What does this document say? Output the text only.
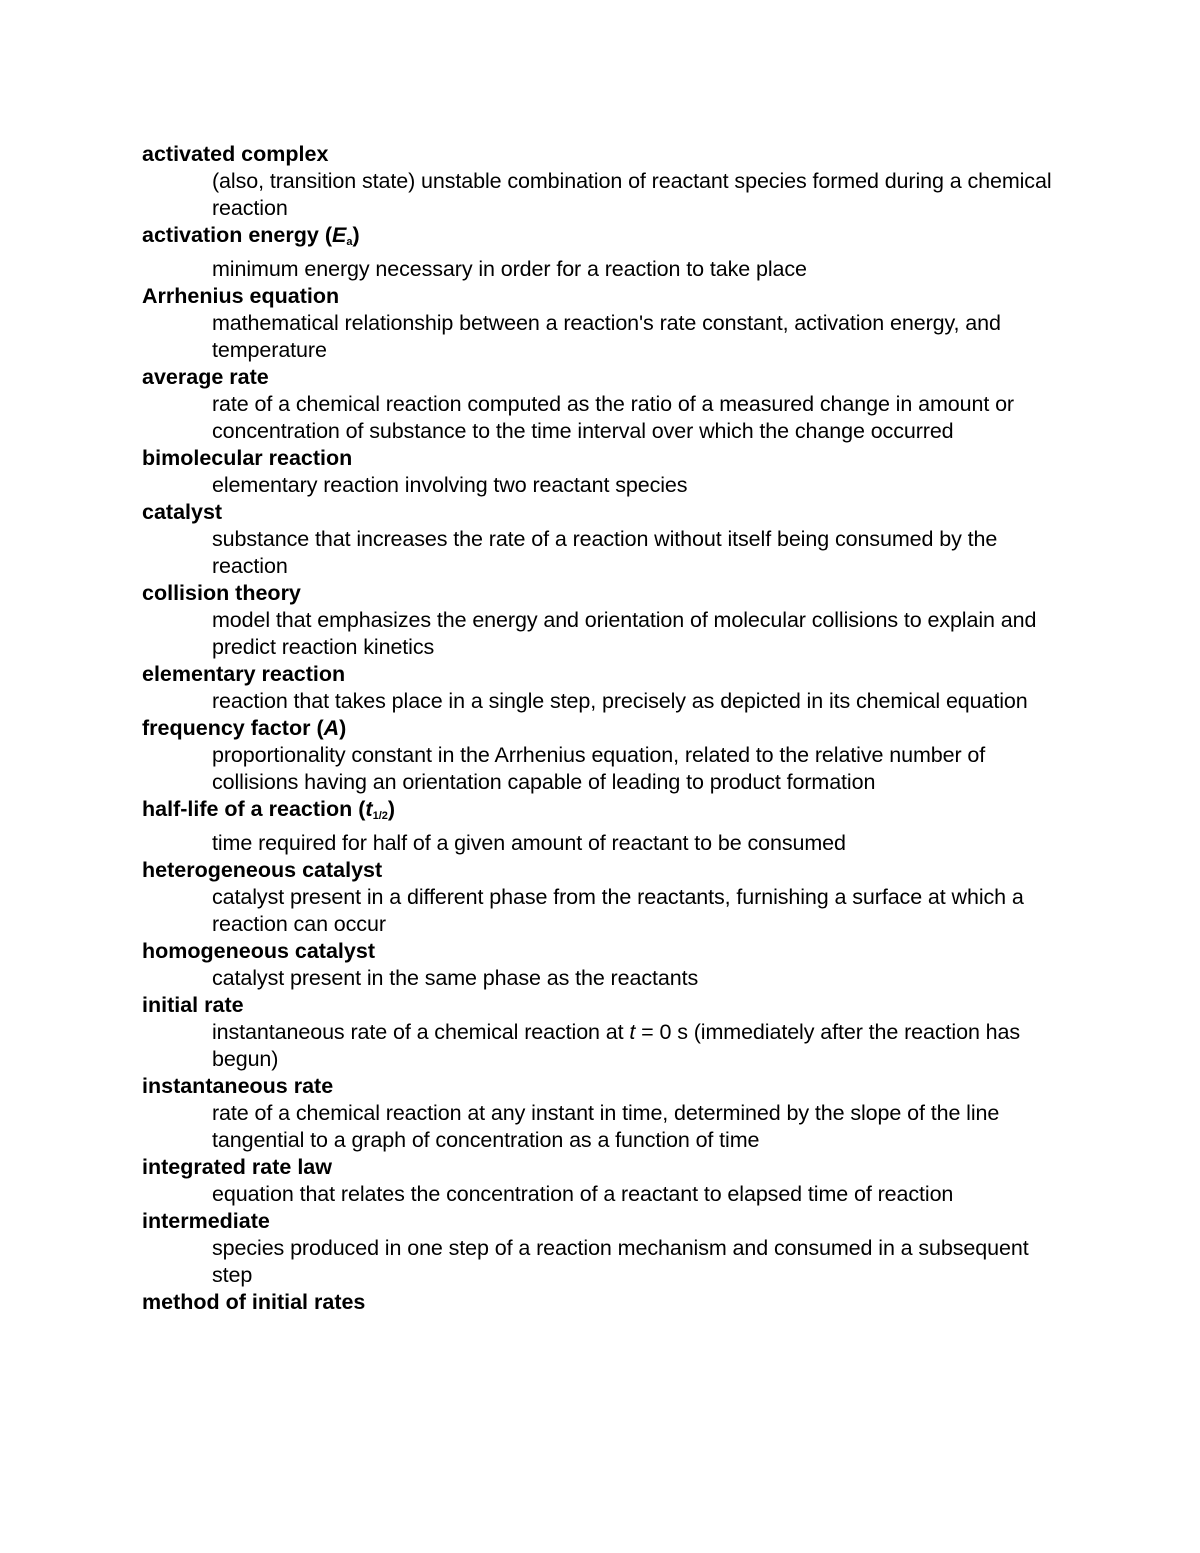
activated complex
(also, transition state) unstable combination of reactant species formed during a chemical reaction
activation energy $(E_a)$
minimum energy necessary in order for a reaction to take place
Arrhenius equation
mathematical relationship between a reaction's rate constant, activation energy, and temperature
average rate
rate of a chemical reaction computed as the ratio of a measured change in amount or concentration of substance to the time interval over which the change occurred
bimolecular reaction
elementary reaction involving two reactant species
catalyst
substance that increases the rate of a reaction without itself being consumed by the reaction
collision theory
model that emphasizes the energy and orientation of molecular collisions to explain and predict reaction kinetics
elementary reaction
reaction that takes place in a single step, precisely as depicted in its chemical equation
frequency factor (A)
proportionality constant in the Arrhenius equation, related to the relative number of collisions having an orientation capable of leading to product formation
half-life of a reaction $(t_{1/2})$
time required for half of a given amount of reactant to be consumed
heterogeneous catalyst
catalyst present in a different phase from the reactants, furnishing a surface at which a reaction can occur
homogeneous catalyst
catalyst present in the same phase as the reactants
initial rate
instantaneous rate of a chemical reaction at t = 0 s (immediately after the reaction has begun)
instantaneous rate
rate of a chemical reaction at any instant in time, determined by the slope of the line tangential to a graph of concentration as a function of time
integrated rate law
equation that relates the concentration of a reactant to elapsed time of reaction
intermediate
species produced in one step of a reaction mechanism and consumed in a subsequent step
method of initial rates
